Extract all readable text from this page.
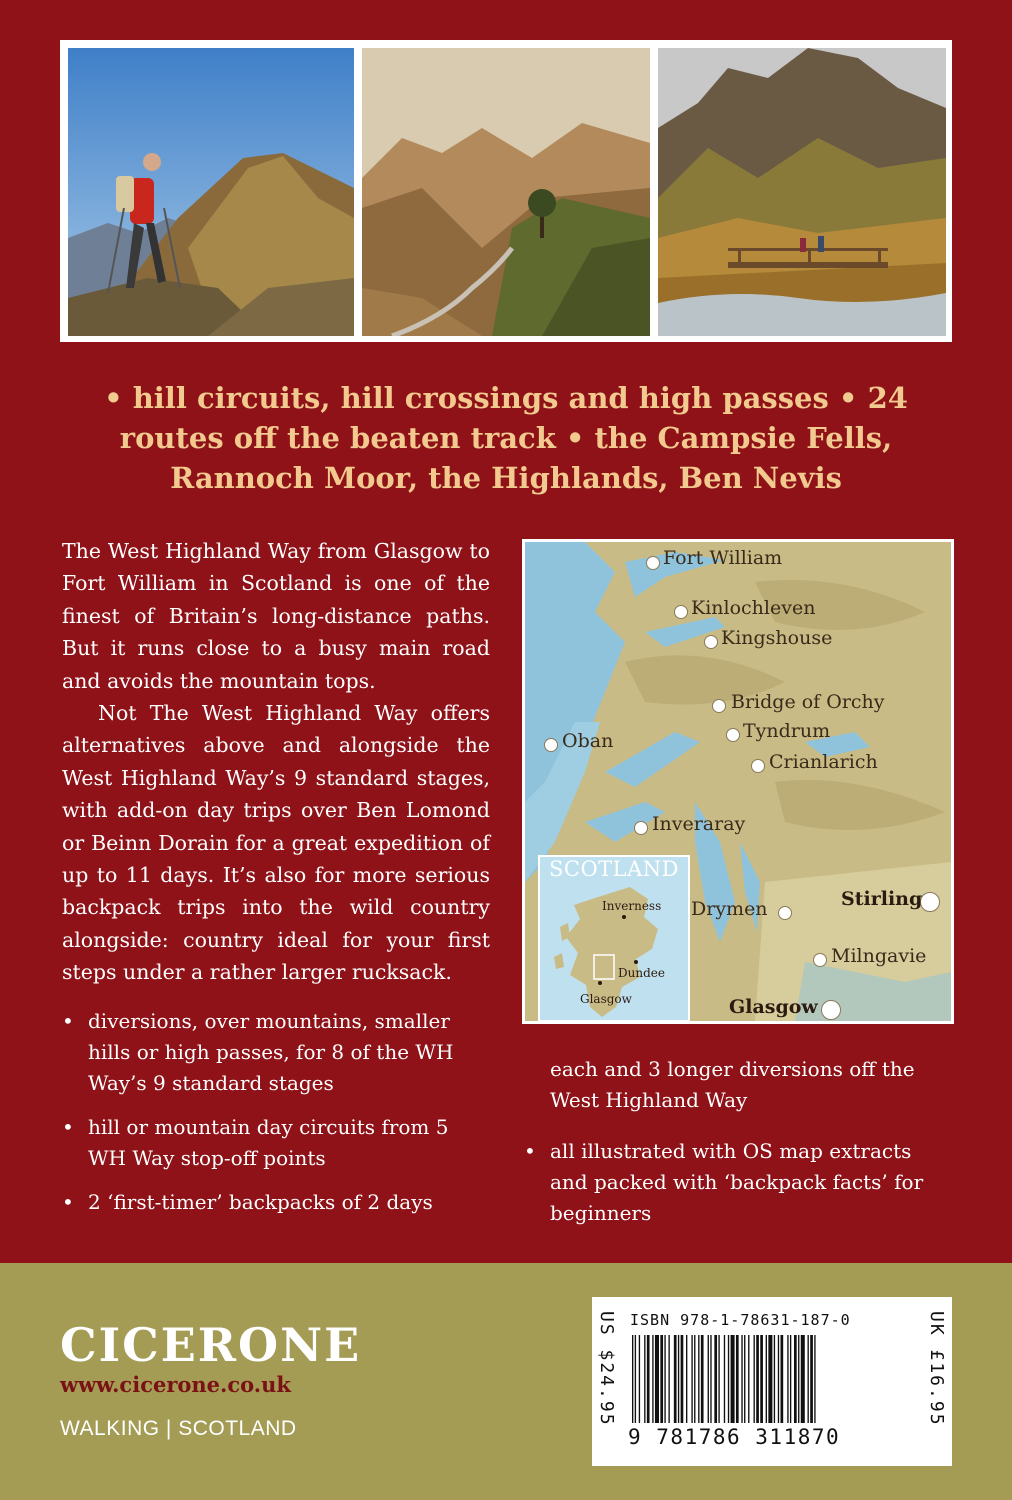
• hill circuits, hill crossings and high passes • 24 routes off the beaten track • the Campsie Fells, Rannoch Moor, the Highlands, Ben Nevis

The West Highland Way from Glasgow to Fort William in Scotland is one of the finest of Britain’s long-distance paths. But it runs close to a busy main road and avoids the mountain tops.

Not The West Highland Way offers alternatives above and alongside the West Highland Way’s 9 standard stages, with add-on day trips over Ben Lomond or Beinn Dorain for a great expedition of up to 11 days. It’s also for more serious backpack trips into the wild country alongside: country ideal for your first steps under a rather larger rucksack.

• diversions, over mountains, smaller hills or high passes, for 8 of the WH Way’s 9 standard stages
• hill or mountain day circuits from 5 WH Way stop-off points
• 2 ‘first-timer’ backpacks of 2 days
each and 3 longer diversions off the West Highland Way
• all illustrated with OS map extracts and packed with ‘backpack facts’ for beginners
Fort William
Kinlochleven
Kingshouse
Bridge of Orchy
Tyndrum
Crianlarich
Oban
Inveraray
Drymen	Stirling
Milngavie
Glasgow
SCOTLAND
Inverness
Dundee
Glasgow
CICERONE
www.cicerone.co.uk
WALKING | SCOTLAND
US $24.95 ISBN 978-1-78631-187-0
9 781786 311870
UK £16.95
